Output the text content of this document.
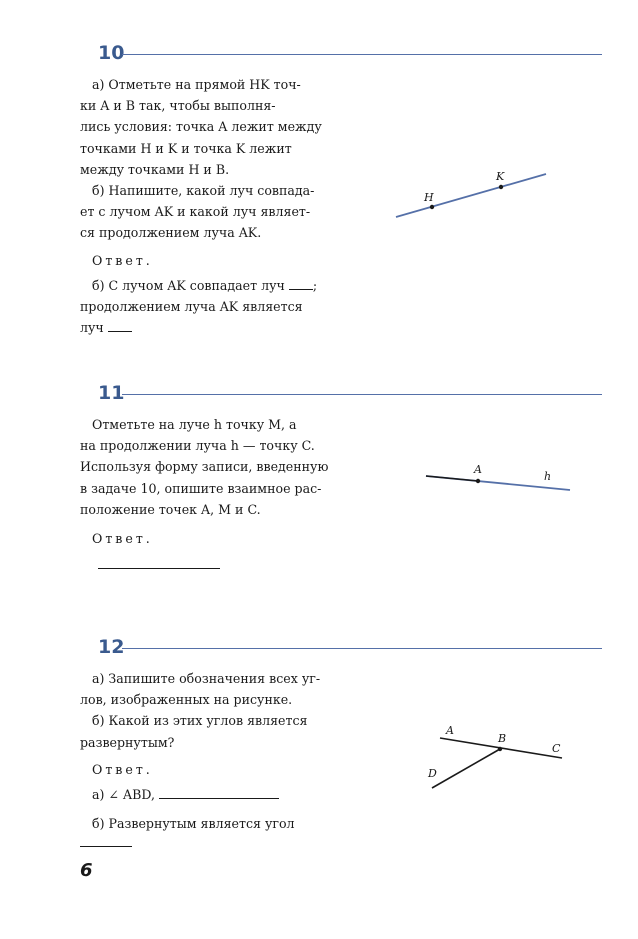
10

а) Отметьте на прямой HK точ-

ки A и B так, чтобы выполня-

лись условия: точка A лежит между

точками H и K и точка K лежит

между точками H и B.

б) Напишите, какой луч совпада-

ет с лучом AK и какой луч являет-

ся продолжением луча AK.

Ответ.

б) С лучом AK совпадает луч ;

продолжением луча AK является

луч

H
K
11

Отметьте на луче h точку M, а

на продолжении луча h — точку C.

Используя форму записи, введенную

в задаче 10, опишите взаимное рас-

положение точек A, M и C.

Ответ.

A
h
12

а) Запишите обозначения всех уг-

лов, изображенных на рисунке.

б) Какой из этих углов является

развернутым?

Ответ.

а) ∠ ABD,

б) Развернутым является угол

A
B
C
D
6
